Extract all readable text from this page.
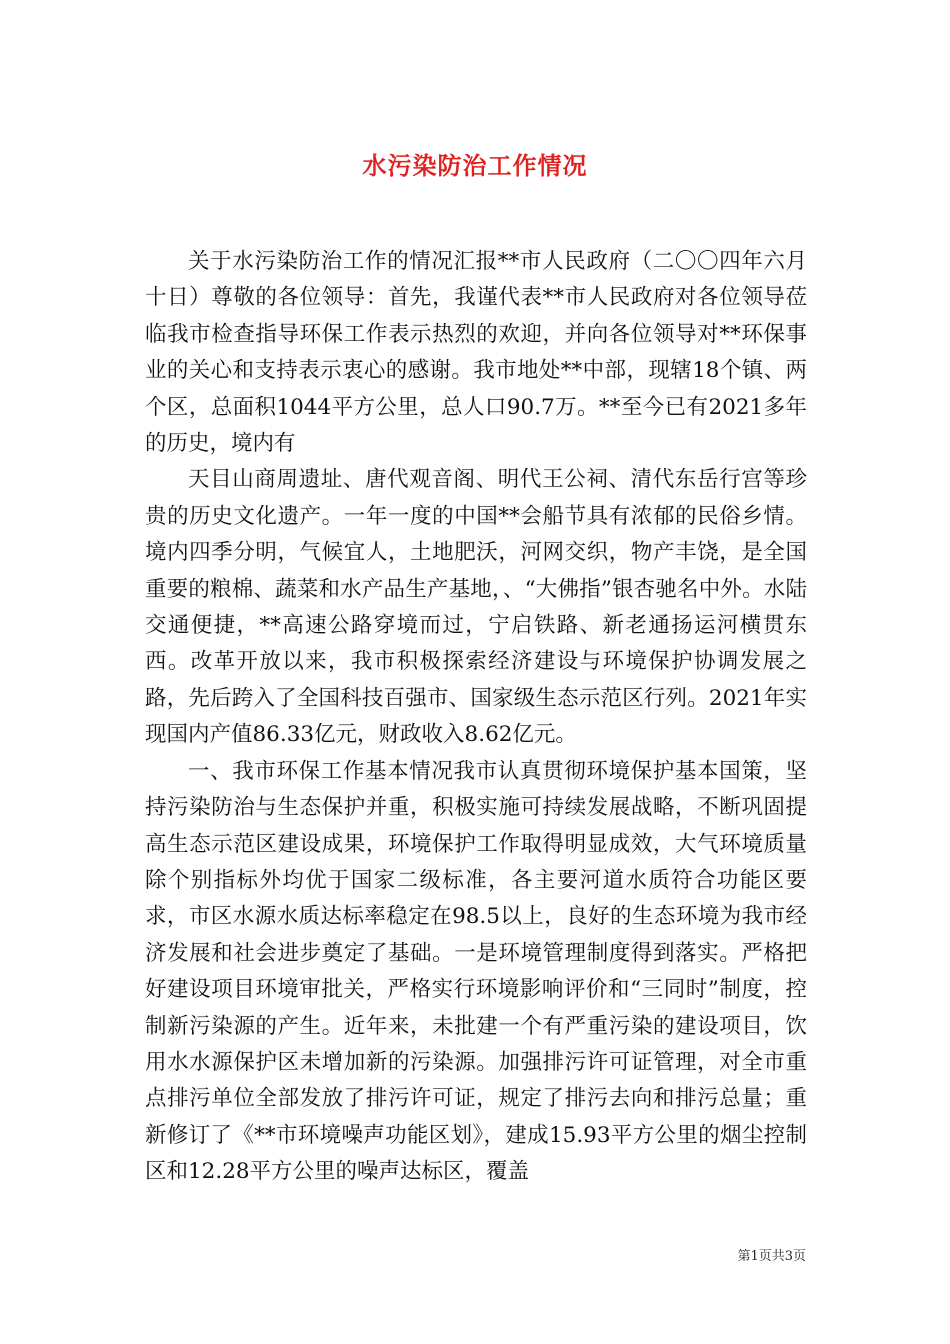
水污染防治工作情况

关于水污染防治工作的情况汇报**市人民政府（二〇〇四年六月十日）尊敬的各位领导：首先，我谨代表**市人民政府对各位领导莅临我市检查指导环保工作表示热烈的欢迎，并向各位领导对**环保事业的关心和支持表示衷心的感谢。我市地处**中部，现辖18个镇、两个区，总面积1044平方公里，总人口90.7万。**至今已有2021多年的历史，境内有

天目山商周遗址、唐代观音阁、明代王公祠、清代东岳行宫等珍贵的历史文化遗产。一年一度的中国**会船节具有浓郁的民俗乡情。境内四季分明，气候宜人，土地肥沃，河网交织，物产丰饶，是全国重要的粮棉、蔬菜和水产品生产基地，、“大佛指”银杏驰名中外。水陆交通便捷，**高速公路穿境而过，宁启铁路、新老通扬运河横贯东西。改革开放以来，我市积极探索经济建设与环境保护协调发展之路，先后跨入了全国科技百强市、国家级生态示范区行列。2021年实现国内产值86.33亿元，财政收入8.62亿元。

一、我市环保工作基本情况我市认真贯彻环境保护基本国策，坚持污染防治与生态保护并重，积极实施可持续发展战略，不断巩固提高生态示范区建设成果，环境保护工作取得明显成效，大气环境质量除个别指标外均优于国家二级标准，各主要河道水质符合功能区要求，市区水源水质达标率稳定在98.5以上，良好的生态环境为我市经济发展和社会进步奠定了基础。一是环境管理制度得到落实。严格把好建设项目环境审批关，严格实行环境影响评价和“三同时”制度，控制新污染源的产生。近年来，未批建一个有严重污染的建设项目，饮用水水源保护区未增加新的污染源。加强排污许可证管理，对全市重点排污单位全部发放了排污许可证，规定了排污去向和排污总量；重新修订了《**市环境噪声功能区划》，建成15.93平方公里的烟尘控制区和12.28平方公里的噪声达标区，覆盖

第1页共3页
